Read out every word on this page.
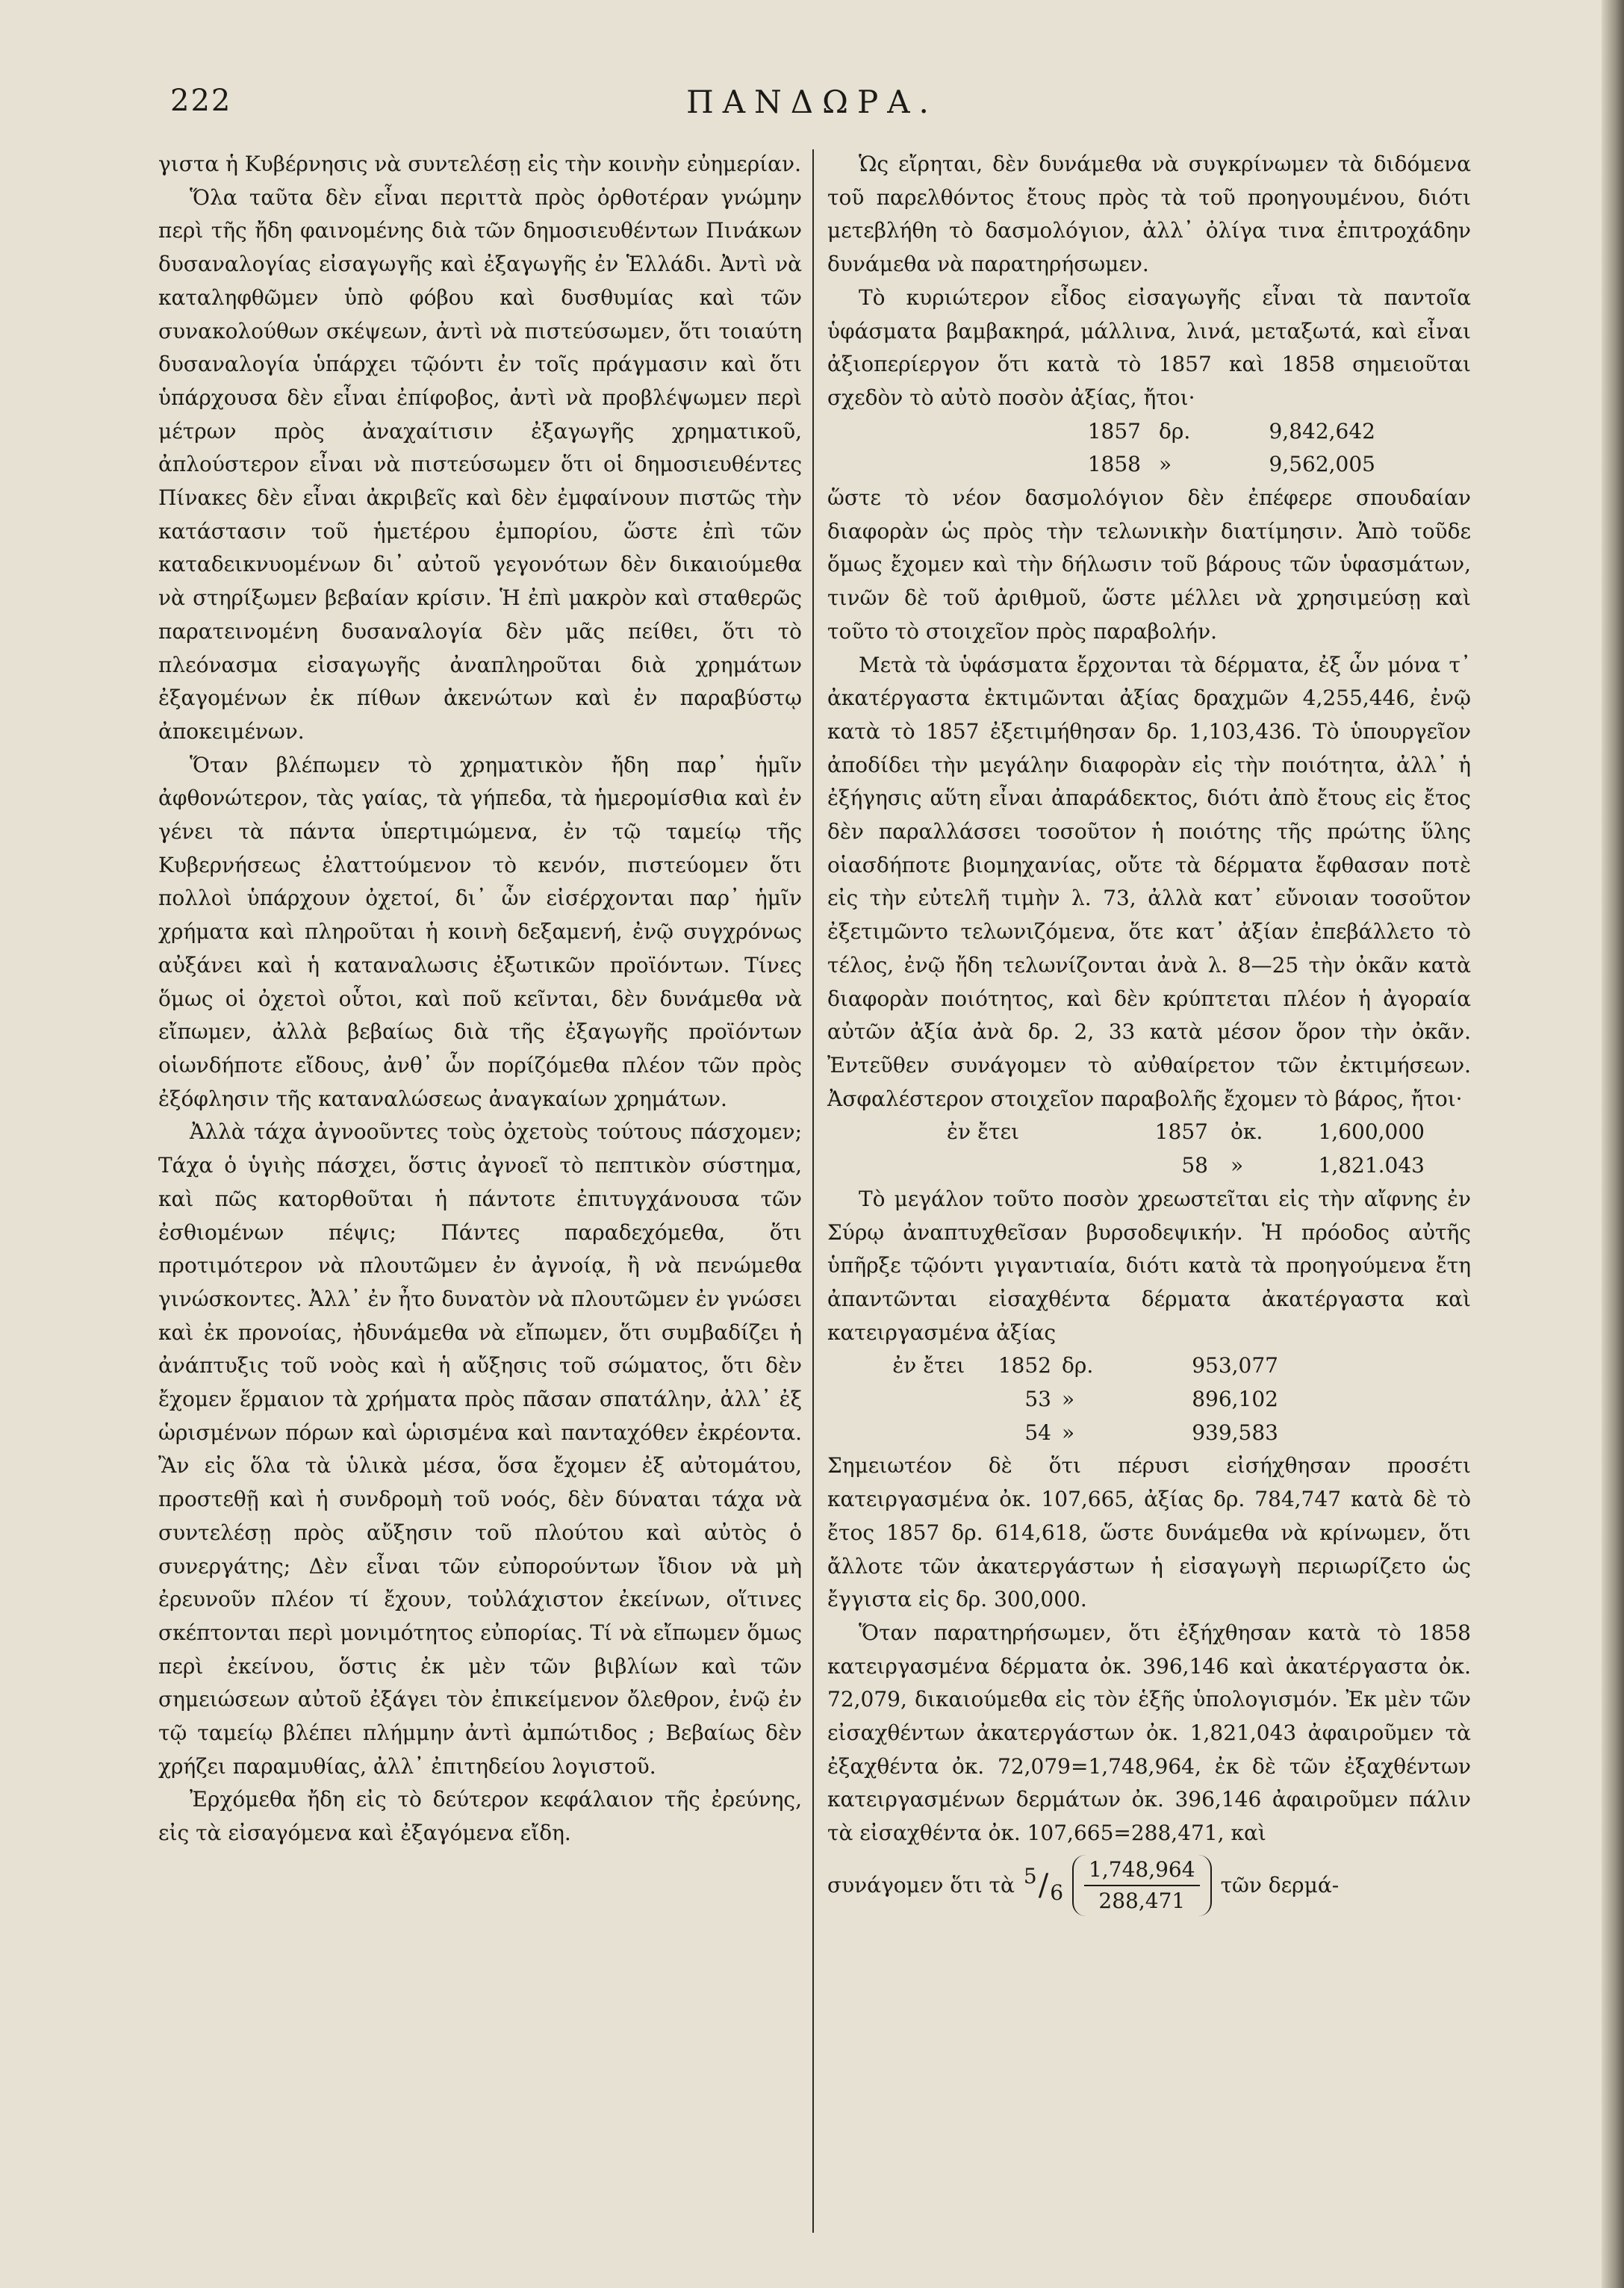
222	ΠΑΝΔΩΡΑ.

γιστα ἡ Κυβέρνησις νὰ συντελέσῃ εἰς τὴν κοινὴν εὐημερίαν.

Ὅλα ταῦτα δὲν εἶναι περιττὰ πρὸς ὀρθοτέραν γνώμην περὶ τῆς ἤδη φαινομένης διὰ τῶν δημοσιευθέντων Πινάκων δυσαναλογίας εἰσαγωγῆς καὶ ἐξαγωγῆς ἐν Ἑλλάδι. Ἀντὶ νὰ καταληφθῶμεν ὑπὸ φόβου καὶ δυσθυμίας καὶ τῶν συνακολούθων σκέψεων, ἀντὶ νὰ πιστεύσωμεν, ὅτι τοιαύτη δυσαναλογία ὑπάρχει τῷόντι ἐν τοῖς πράγμασιν καὶ ὅτι ὑπάρχουσα δὲν εἶναι ἐπίφοβος, ἀντὶ νὰ προβλέψωμεν περὶ μέτρων πρὸς ἀναχαίτισιν ἐξαγωγῆς χρηματικοῦ, ἀπλούστερον εἶναι νὰ πιστεύσωμεν ὅτι οἱ δημοσιευθέντες Πίνακες δὲν εἶναι ἀκριβεῖς καὶ δὲν ἐμφαίνουν πιστῶς τὴν κατάστασιν τοῦ ἡμετέρου ἐμπορίου, ὥστε ἐπὶ τῶν καταδεικνυομένων δι᾽ αὐτοῦ γεγονότων δὲν δικαιούμεθα νὰ στηρίξωμεν βεβαίαν κρίσιν. Ἡ ἐπὶ μακρὸν καὶ σταθερῶς παρατεινομένη δυσαναλογία δὲν μᾶς πείθει, ὅτι τὸ πλεόνασμα εἰσαγωγῆς ἀναπληροῦται διὰ χρημάτων ἐξαγομένων ἐκ πίθων ἀκενώτων καὶ ἐν παραβύστῳ ἀποκειμένων.

Ὅταν βλέπωμεν τὸ χρηματικὸν ἤδη παρ᾽ ἡμῖν ἀφθονώτερον, τὰς γαίας, τὰ γήπεδα, τὰ ἡμερομίσθια καὶ ἐν γένει τὰ πάντα ὑπερτιμώμενα, ἐν τῷ ταμείῳ τῆς Κυβερνήσεως ἐλαττούμενον τὸ κενόν, πιστεύομεν ὅτι πολλοὶ ὑπάρχουν ὀχετοί, δι᾽ ὧν εἰσέρχονται παρ᾽ ἡμῖν χρήματα καὶ πληροῦται ἡ κοινὴ δεξαμενή, ἐνῷ συγχρόνως αὐξάνει καὶ ἡ καταναλωσις ἐξωτικῶν προϊόντων. Τίνες ὅμως οἱ ὀχετοὶ οὗτοι, καὶ ποῦ κεῖνται, δὲν δυνάμεθα νὰ εἴπωμεν, ἀλλὰ βεβαίως διὰ τῆς ἐξαγωγῆς προϊόντων οἱωνδήποτε εἴδους, ἀνθ᾽ ὧν πορίζόμεθα πλέον τῶν πρὸς ἐξόφλησιν τῆς καταναλώσεως ἀναγκαίων χρημάτων.

Ἀλλὰ τάχα ἀγνοοῦντες τοὺς ὀχετοὺς τούτους πάσχομεν; Τάχα ὁ ὑγιὴς πάσχει, ὅστις ἀγνοεῖ τὸ πεπτικὸν σύστημα, καὶ πῶς κατορθοῦται ἡ πάντοτε ἐπιτυγχάνουσα τῶν ἐσθιομένων πέψις; Πάντες παραδεχόμεθα, ὅτι προτιμότερον νὰ πλουτῶμεν ἐν ἀγνοίᾳ, ἢ νὰ πενώμεθα γινώσκοντες. Ἀλλ᾽ ἐν ἦτο δυνατὸν νὰ πλουτῶμεν ἐν γνώσει καὶ ἐκ προνοίας, ἠδυνάμεθα νὰ εἴπωμεν, ὅτι συμβαδίζει ἡ ἀνάπτυξις τοῦ νοὸς καὶ ἡ αὔξησις τοῦ σώματος, ὅτι δὲν ἔχομεν ἕρμαιον τὰ χρήματα πρὸς πᾶσαν σπατάλην, ἀλλ᾽ ἐξ ὡρισμένων πόρων καὶ ὡρισμένα καὶ πανταχόθεν ἐκρέοντα. Ἂν εἰς ὅλα τὰ ὑλικὰ μέσα, ὅσα ἔχομεν ἐξ αὐτομάτου, προστεθῇ καὶ ἡ συνδρομὴ τοῦ νοός, δὲν δύναται τάχα νὰ συντελέσῃ πρὸς αὔξησιν τοῦ πλούτου καὶ αὐτὸς ὁ συνεργάτης; Δὲν εἶναι τῶν εὐπορούντων ἴδιον νὰ μὴ ἐρευνοῦν πλέον τί ἔχουν, τοὐλάχιστον ἐκείνων, οἵτινες σκέπτονται περὶ μονιμότητος εὐπορίας. Τί νὰ εἴπωμεν ὅμως περὶ ἐκείνου, ὅστις ἐκ μὲν τῶν βιβλίων καὶ τῶν σημειώσεων αὐτοῦ ἐξάγει τὸν ἐπικείμενον ὄλεθρον, ἐνῷ ἐν τῷ ταμείῳ βλέπει πλήμμην ἀντὶ ἀμπώτιδος ; Βεβαίως δὲν χρήζει παραμυθίας, ἀλλ᾽ ἐπιτηδείου λογιστοῦ.

Ἐρχόμεθα ἤδη εἰς τὸ δεύτερον κεφάλαιον τῆς ἐρεύνης, εἰς τὰ εἰσαγόμενα καὶ ἐξαγόμενα εἴδη.

Ὡς εἴρηται, δὲν δυνάμεθα νὰ συγκρίνωμεν τὰ διδόμενα τοῦ παρελθόντος ἔτους πρὸς τὰ τοῦ προηγουμένου, διότι μετεβλήθη τὸ δασμολόγιον, ἀλλ᾽ ὀλίγα τινα ἐπιτροχάδην δυνάμεθα νὰ παρατηρήσωμεν.

Τὸ κυριώτερον εἶδος εἰσαγωγῆς εἶναι τὰ παντοῖα ὑφάσματα βαμβακηρά, μάλλινα, λινά, μεταξωτά, καὶ εἶναι ἀξιοπερίεργον ὅτι κατὰ τὸ 1857 καὶ 1858 σημειοῦται σχεδὸν τὸ αὐτὸ ποσὸν ἀξίας, ἤτοι·

1857	δρ.	9,842,642
1858	»	9,562,005

ὥστε τὸ νέον δασμολόγιον δὲν ἐπέφερε σπουδαίαν διαφορὰν ὡς πρὸς τὴν τελωνικὴν διατίμησιν. Ἀπὸ τοῦδε ὅμως ἔχομεν καὶ τὴν δήλωσιν τοῦ βάρους τῶν ὑφασμάτων, τινῶν δὲ τοῦ ἀριθμοῦ, ὥστε μέλλει νὰ χρησιμεύσῃ καὶ τοῦτο τὸ στοιχεῖον πρὸς παραβολήν.

Μετὰ τὰ ὑφάσματα ἔρχονται τὰ δέρματα, ἐξ ὧν μόνα τ᾽ ἀκατέργαστα ἐκτιμῶνται ἀξίας δραχμῶν 4,255,446, ἐνῷ κατὰ τὸ 1857 ἐξετιμήθησαν δρ. 1,103,436. Τὸ ὑπουργεῖον ἀποδίδει τὴν μεγάλην διαφορὰν εἰς τὴν ποιότητα, ἀλλ᾽ ἡ ἐξήγησις αὕτη εἶναι ἀπαράδεκτος, διότι ἀπὸ ἔτους εἰς ἔτος δὲν παραλλάσσει τοσοῦτον ἡ ποιότης τῆς πρώτης ὕλης οἱασδήποτε βιομηχανίας, οὔτε τὰ δέρματα ἔφθασαν ποτὲ εἰς τὴν εὐτελῆ τιμὴν λ. 73, ἀλλὰ κατ᾽ εὔνοιαν τοσοῦτον ἐξετιμῶντο τελωνιζόμενα, ὅτε κατ᾽ ἀξίαν ἐπεβάλλετο τὸ τέλος, ἐνῷ ἤδη τελωνίζονται ἀνὰ λ. 8—25 τὴν ὀκᾶν κατὰ διαφορὰν ποιότητος, καὶ δὲν κρύπτεται πλέον ἡ ἀγοραία αὐτῶν ἀξία ἀνὰ δρ. 2, 33 κατὰ μέσον ὅρον τὴν ὀκᾶν. Ἐντεῦθεν συνάγομεν τὸ αὐθαίρετον τῶν ἐκτιμήσεων. Ἀσφαλέστερον στοιχεῖον παραβολῆς ἔχομεν τὸ βάρος, ἤτοι·

	ἐν ἔτει	1857	ὀκ.	1,600,000
		58	»	1,821.043

Τὸ μεγάλον τοῦτο ποσὸν χρεωστεῖται εἰς τὴν αἴφνης ἐν Σύρῳ ἀναπτυχθεῖσαν βυρσοδεψικήν. Ἡ πρόοδος αὐτῆς ὑπῆρξε τῷόντι γιγαντιαία, διότι κατὰ τὰ προηγούμενα ἔτη ἀπαντῶνται εἰσαχθέντα δέρματα ἀκατέργαστα καὶ κατειργασμένα ἀξίας

ἐν ἔτει 1852	δρ.	953,077
53	»	896,102
54	»	939,583

Σημειωτέον δὲ ὅτι πέρυσι εἰσήχθησαν προσέτι κατειργασμένα ὀκ. 107,665, ἀξίας δρ. 784,747 κατὰ δὲ τὸ ἔτος 1857 δρ. 614,618, ὥστε δυνάμεθα νὰ κρίνωμεν, ὅτι ἄλλοτε τῶν ἀκατεργάστων ἡ εἰσαγωγὴ περιωρίζετο ὡς ἔγγιστα εἰς δρ. 300,000.

Ὅταν παρατηρήσωμεν, ὅτι ἐξήχθησαν κατὰ τὸ 1858 κατειργασμένα δέρματα ὀκ. 396,146 καὶ ἀκατέργαστα ὀκ. 72,079, δικαιούμεθα εἰς τὸν ἑξῆς ὑπολογισμόν. Ἐκ μὲν τῶν εἰσαχθέντων ἀκατεργάστων ὀκ. 1,821,043 ἀφαιροῦμεν τὰ ἐξαχθέντα ὀκ. 72,079=1,748,964, ἐκ δὲ τῶν ἐξαχθέντων κατειργασμένων δερμάτων ὀκ. 396,146 ἀφαιροῦμεν πάλιν τὰ εἰσαχθέντα ὀκ. 107,665=288,471, καὶ

συνάγομεν ὅτι τὰ $5 / 6 \frac{1,748,964}{288,471}$ τῶν δερμά-
